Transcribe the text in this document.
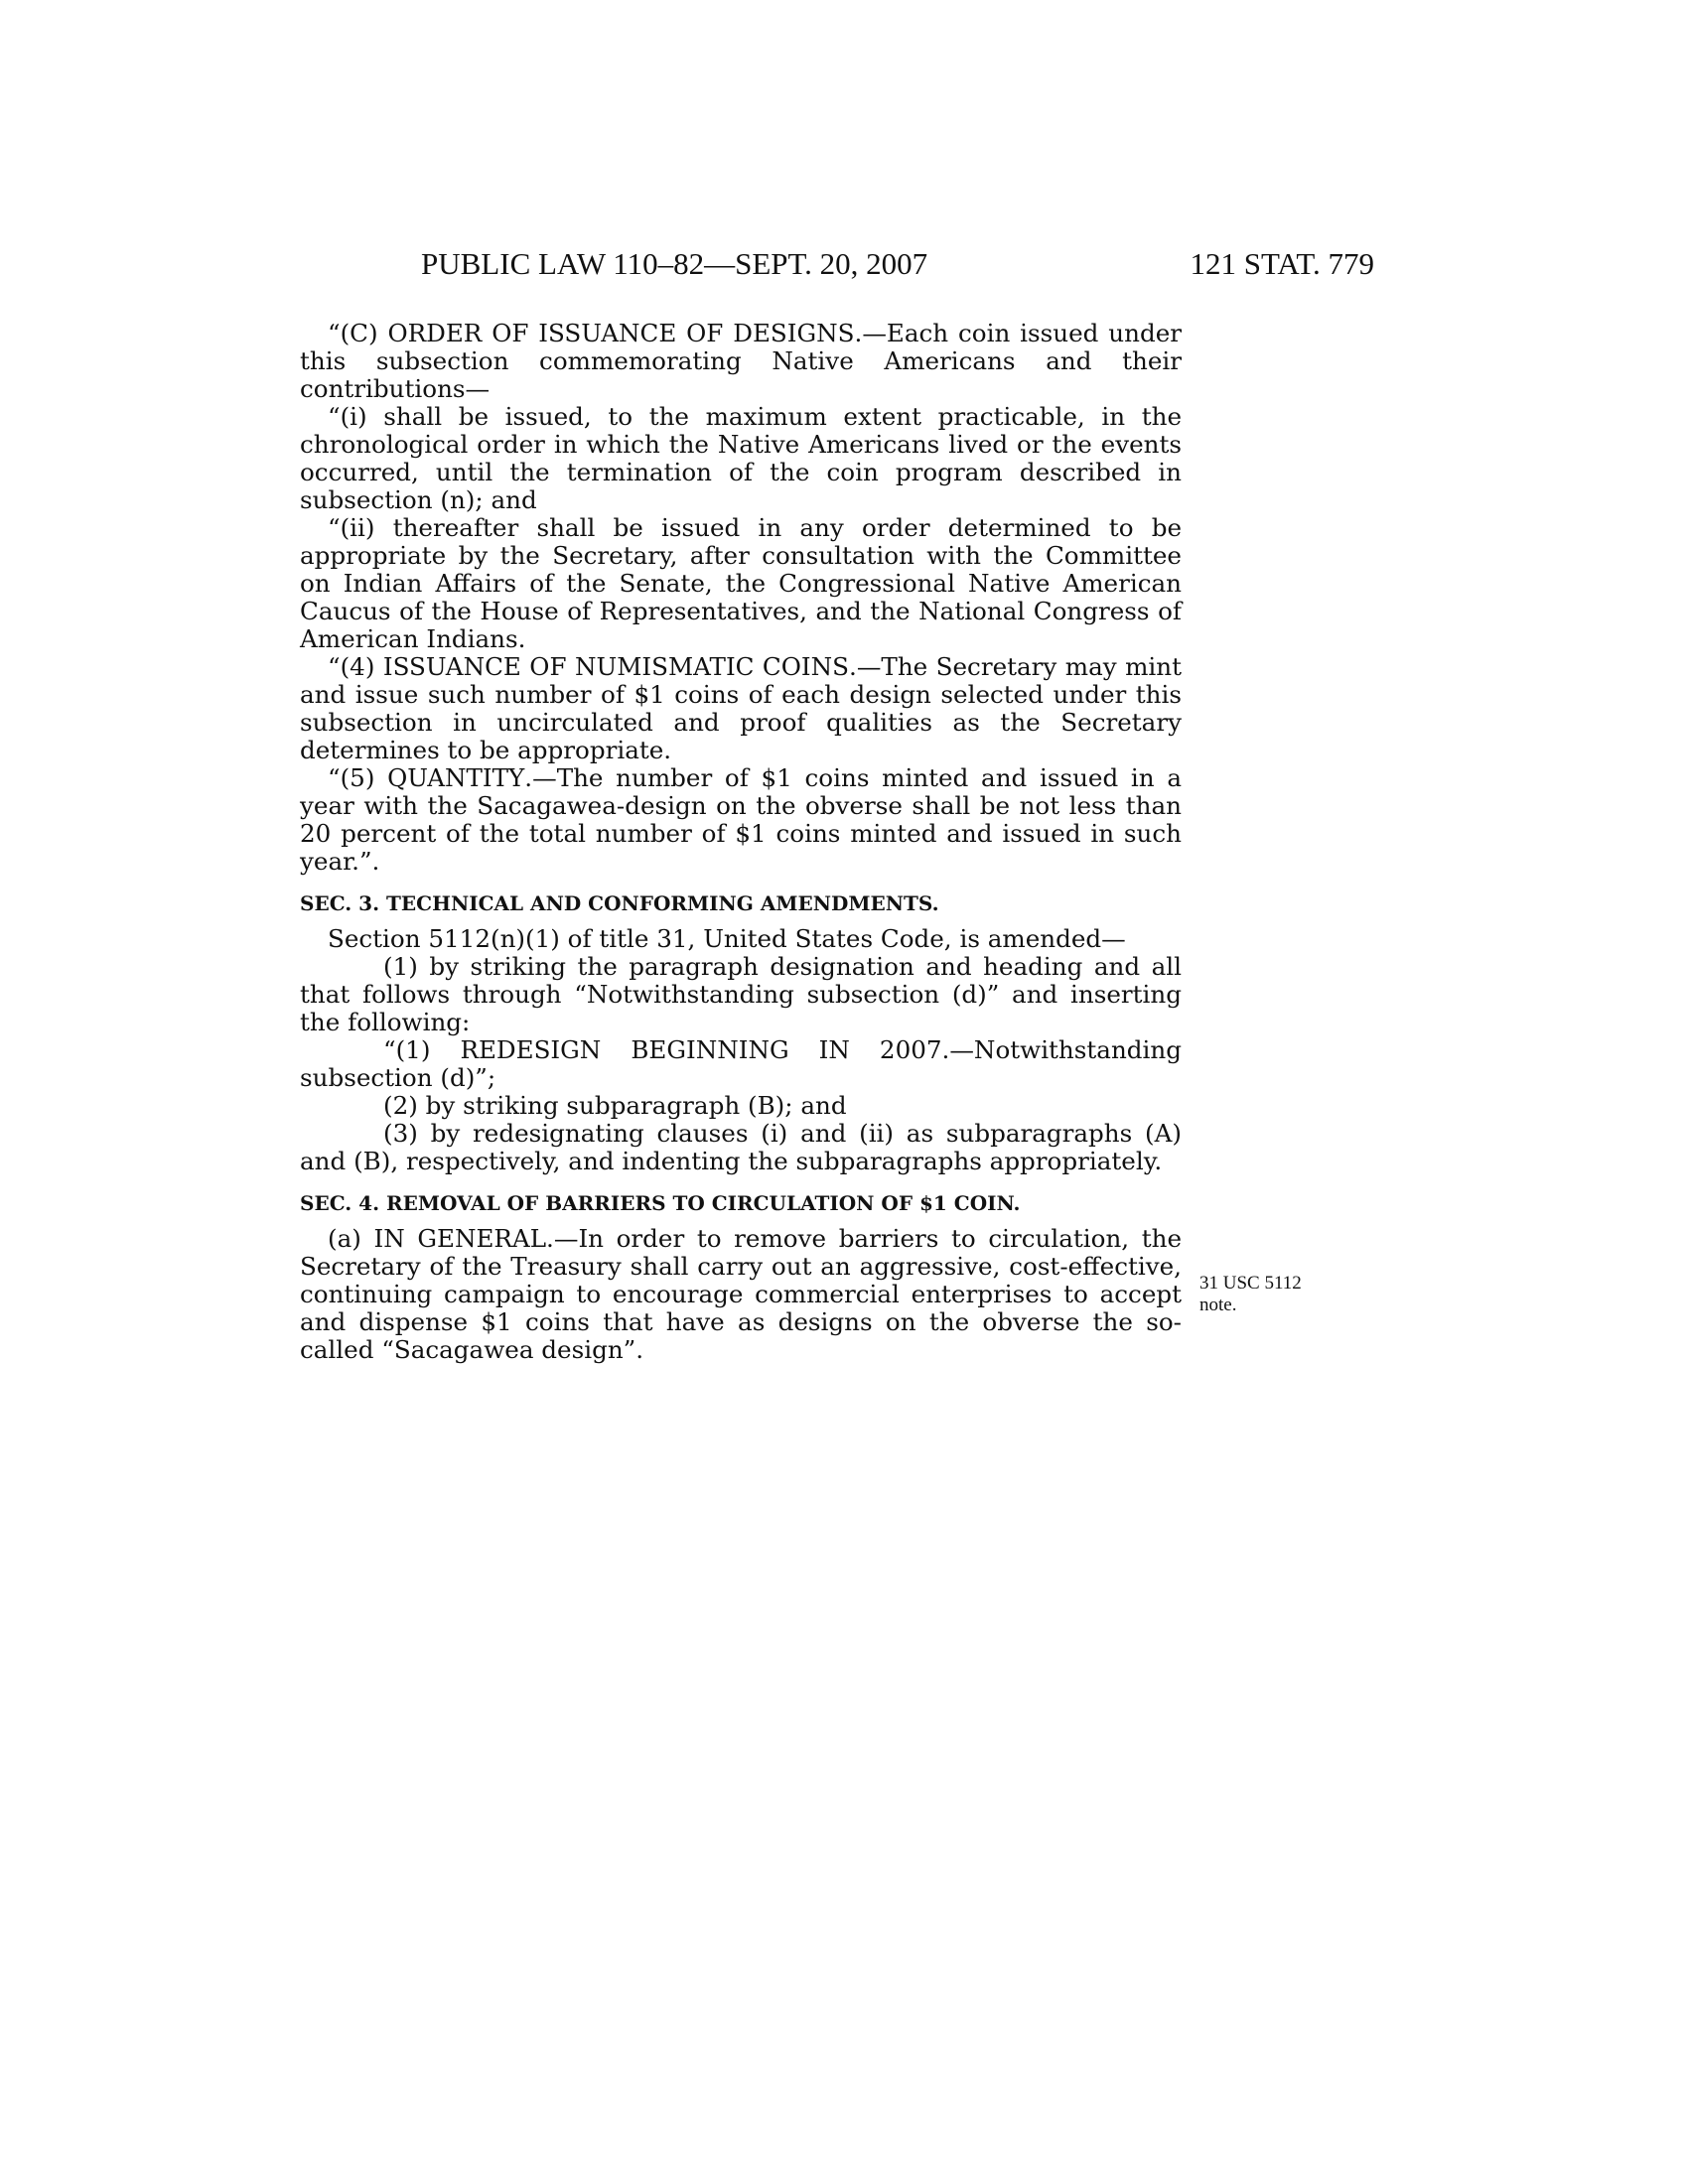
PUBLIC LAW 110–82—SEPT. 20, 2007	121 STAT. 779

“(C) ORDER OF ISSUANCE OF DESIGNS.—Each coin issued under this subsection commemorating Native Americans and their contributions—

“(i) shall be issued, to the maximum extent practicable, in the chronological order in which the Native Americans lived or the events occurred, until the termination of the coin program described in subsection (n); and

“(ii) thereafter shall be issued in any order determined to be appropriate by the Secretary, after consultation with the Committee on Indian Affairs of the Senate, the Congressional Native American Caucus of the House of Representatives, and the National Congress of American Indians.

“(4) ISSUANCE OF NUMISMATIC COINS.—The Secretary may mint and issue such number of $1 coins of each design selected under this subsection in uncirculated and proof qualities as the Secretary determines to be appropriate.

“(5) QUANTITY.—The number of $1 coins minted and issued in a year with the Sacagawea-design on the obverse shall be not less than 20 percent of the total number of $1 coins minted and issued in such year.”.

SEC. 3. TECHNICAL AND CONFORMING AMENDMENTS.

Section 5112(n)(1) of title 31, United States Code, is amended—

(1) by striking the paragraph designation and heading and all that follows through “Notwithstanding subsection (d)” and inserting the following:

“(1) REDESIGN BEGINNING IN 2007.—Notwithstanding subsection (d)”;

(2) by striking subparagraph (B); and

(3) by redesignating clauses (i) and (ii) as subparagraphs (A) and (B), respectively, and indenting the subparagraphs appropriately.

SEC. 4. REMOVAL OF BARRIERS TO CIRCULATION OF $1 COIN.

(a) IN GENERAL.—In order to remove barriers to circulation, the Secretary of the Treasury shall carry out an aggressive, cost-effective, continuing campaign to encourage commercial enterprises to accept and dispense $1 coins that have as designs on the obverse the so-called “Sacagawea design”.

31 USC 5112
note.
